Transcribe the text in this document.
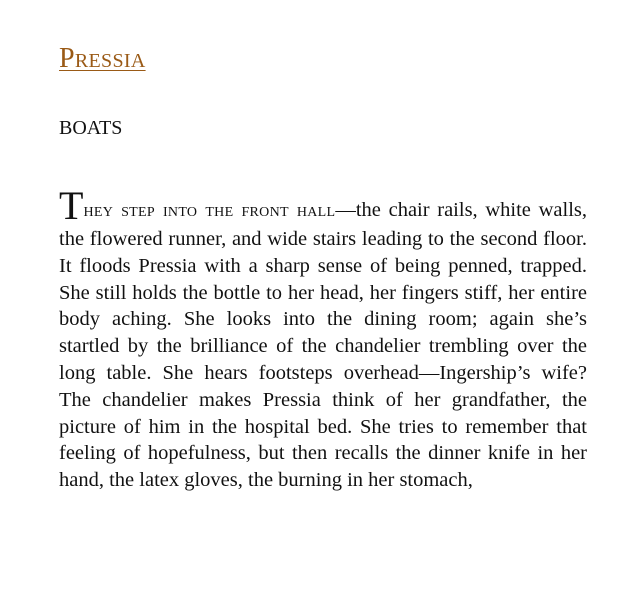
Pressia
BOATS

They step into the front hall—the chair rails, white walls, the flowered runner, and wide stairs leading to the second floor. It floods Pressia with a sharp sense of being penned, trapped. She still holds the bottle to her head, her fingers stiff, her entire body aching. She looks into the dining room; again she’s startled by the brilliance of the chandelier trembling over the long table. She hears footsteps overhead—Ingership’s wife? The chandelier makes Pressia think of her grandfather, the picture of him in the hospital bed. She tries to remember that feeling of hopefulness, but then recalls the dinner knife in her hand, the latex gloves, the burning in her stomach,
